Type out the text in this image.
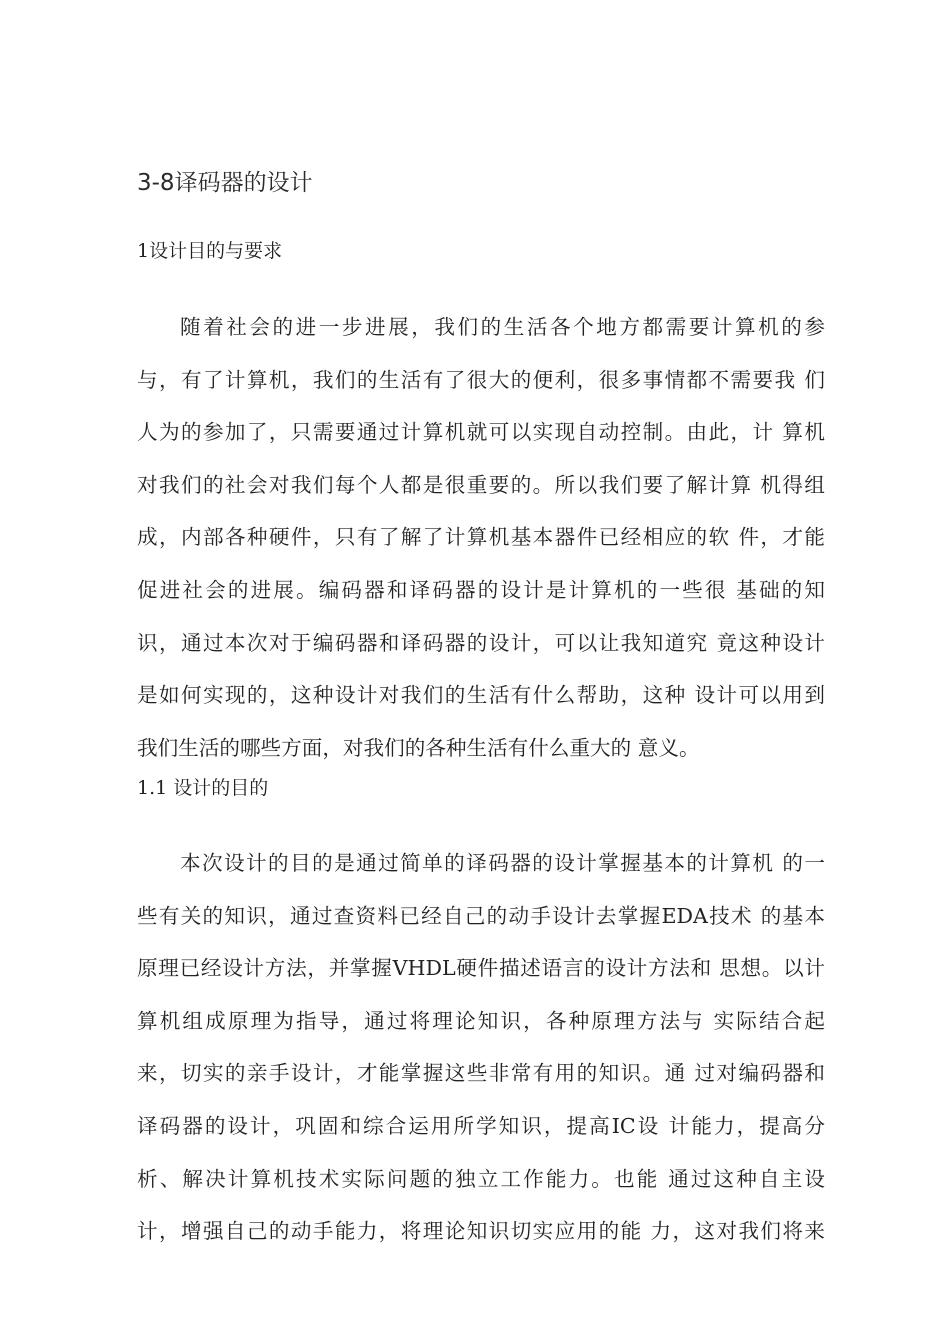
3-8译码器的设计
1设计目的与要求
随着社会的进一步进展，我们的生活各个地方都需要计算机的参
与，有了计算机，我们的生活有了很大的便利，很多事情都不需要我 们
人为的参加了，只需要通过计算机就可以实现自动控制。由此，计 算机
对我们的社会对我们每个人都是很重要的。所以我们要了解计算 机得组
成，内部各种硬件，只有了解了计算机基本器件已经相应的软 件，才能
促进社会的进展。编码器和译码器的设计是计算机的一些很 基础的知
识，通过本次对于编码器和译码器的设计，可以让我知道究 竟这种设计
是如何实现的，这种设计对我们的生活有什么帮助，这种 设计可以用到
我们生活的哪些方面，对我们的各种生活有什么重大的 意义。
1.1 设计的目的
本次设计的目的是通过简单的译码器的设计掌握基本的计算机 的一
些有关的知识，通过查资料已经自己的动手设计去掌握EDA技术 的基本
原理已经设计方法，并掌握VHDL硬件描述语言的设计方法和 思想。以计
算机组成原理为指导，通过将理论知识，各种原理方法与 实际结合起
来，切实的亲手设计，才能掌握这些非常有用的知识。通 过对编码器和
译码器的设计，巩固和综合运用所学知识，提高IC设 计能力，提高分
析、解决计算机技术实际问题的独立工作能力。也能 通过这种自主设
计，增强自己的动手能力，将理论知识切实应用的能 力，这对我们将来
